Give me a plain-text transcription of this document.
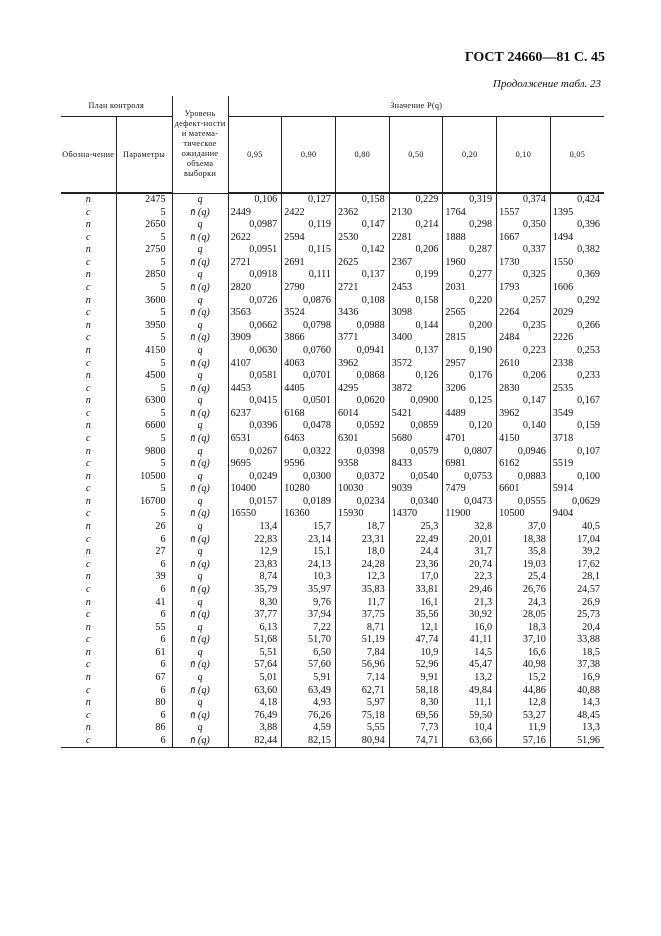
ГОСТ 24660—81 С. 45
Продолжение табл. 23
План контроля		Уровень дефект-ности и матема-тическое ожидание объема выборки	Значение P(q)						
Обозна-чение	Параметры		0,95	0,90	0,80	0,50	0,20	0,10	0,05
n	2475	q	0,106	0,127	0,158	0,229	0,319	0,374	0,424
c	5	n̄ (q)	2449	2422	2362	2130	1764	1557	1395
n	2650	q	0,0987	0,119	0,147	0,214	0,298	0,350	0,396
c	5	n̄ (q)	2622	2594	2530	2281	1888	1667	1494
n	2750	q	0,0951	0,115	0,142	0,206	0,287	0,337	0,382
c	5	n̄ (q)	2721	2691	2625	2367	1960	1730	1550
n	2850	q	0,0918	0,111	0,137	0,199	0,277	0,325	0,369
c	5	n̄ (q)	2820	2790	2721	2453	2031	1793	1606
n	3600	q	0,0726	0,0876	0,108	0,158	0,220	0,257	0,292
c	5	n̄ (q)	3563	3524	3436	3098	2565	2264	2029
n	3950	q	0,0662	0,0798	0,0988	0,144	0,200	0,235	0,266
c	5	n̄ (q)	3909	3866	3771	3400	2815	2484	2226
n	4150	q	0,0630	0,0760	0,0941	0,137	0,190	0,223	0,253
c	5	n̄ (q)	4107	4063	3962	3572	2957	2610	2338
n	4500	q	0,0581	0,0701	0,0868	0,126	0,176	0,206	0,233
c	5	n̄ (q)	4453	4405	4295	3872	3206	2830	2535
n	6300	q	0,0415	0,0501	0,0620	0,0900	0,125	0,147	0,167
c	5	n̄ (q)	6237	6168	6014	5421	4489	3962	3549
n	6600	q	0,0396	0,0478	0,0592	0,0859	0,120	0,140	0,159
c	5	n̄ (q)	6531	6463	6301	5680	4701	4150	3718
n	9800	q	0,0267	0,0322	0,0398	0,0579	0,0807	0,0946	0,107
c	5	n̄ (q)	9695	9596	9358	8433	6981	6162	5519
n	10500	q	0,0249	0,0300	0,0372	0,0540	0,0753	0,0883	0,100
c	5	n̄ (q)	10400	10280	10030	9039	7479	6601	5914
n	16700	q	0,0157	0,0189	0,0234	0,0340	0,0473	0,0555	0,0629
c	5	n̄ (q)	16550	16360	15930	14370	11900	10500	9404
n	26	q	13,4	15,7	18,7	25,3	32,8	37,0	40,5
c	6	n̄ (q)	22,83	23,14	23,31	22,49	20,01	18,38	17,04
n	27	q	12,9	15,1	18,0	24,4	31,7	35,8	39,2
c	6	n̄ (q)	23,83	24,13	24,28	23,36	20,74	19,03	17,62
n	39	q	8,74	10,3	12,3	17,0	22,3	25,4	28,1
c	6	n̄ (q)	35,79	35,97	35,83	33,81	29,46	26,76	24,57
n	41	q	8,30	9,76	11,7	16,1	21,3	24,3	26,9
c	6	n̄ (q)	37,77	37,94	37,75	35,56	30,92	28,05	25,73
n	55	q	6,13	7,22	8,71	12,1	16,0	18,3	20,4
c	6	n̄ (q)	51,68	51,70	51,19	47,74	41,11	37,10	33,88
n	61	q	5,51	6,50	7,84	10,9	14,5	16,6	18,5
c	6	n̄ (q)	57,64	57,60	56,96	52,96	45,47	40,98	37,38
n	67	q	5,01	5,91	7,14	9,91	13,2	15,2	16,9
c	6	n̄ (q)	63,60	63,49	62,71	58,18	49,84	44,86	40,88
n	80	q	4,18	4,93	5,97	8,30	11,1	12,8	14,3
c	6	n̄ (q)	76,49	76,26	75,18	69,56	59,50	53,27	48,45
n	86	q	3,88	4,59	5,55	7,73	10,4	11,9	13,3
c	6	n̄ (q)	82,44	82,15	80,94	74,71	63,66	57,16	51,96
